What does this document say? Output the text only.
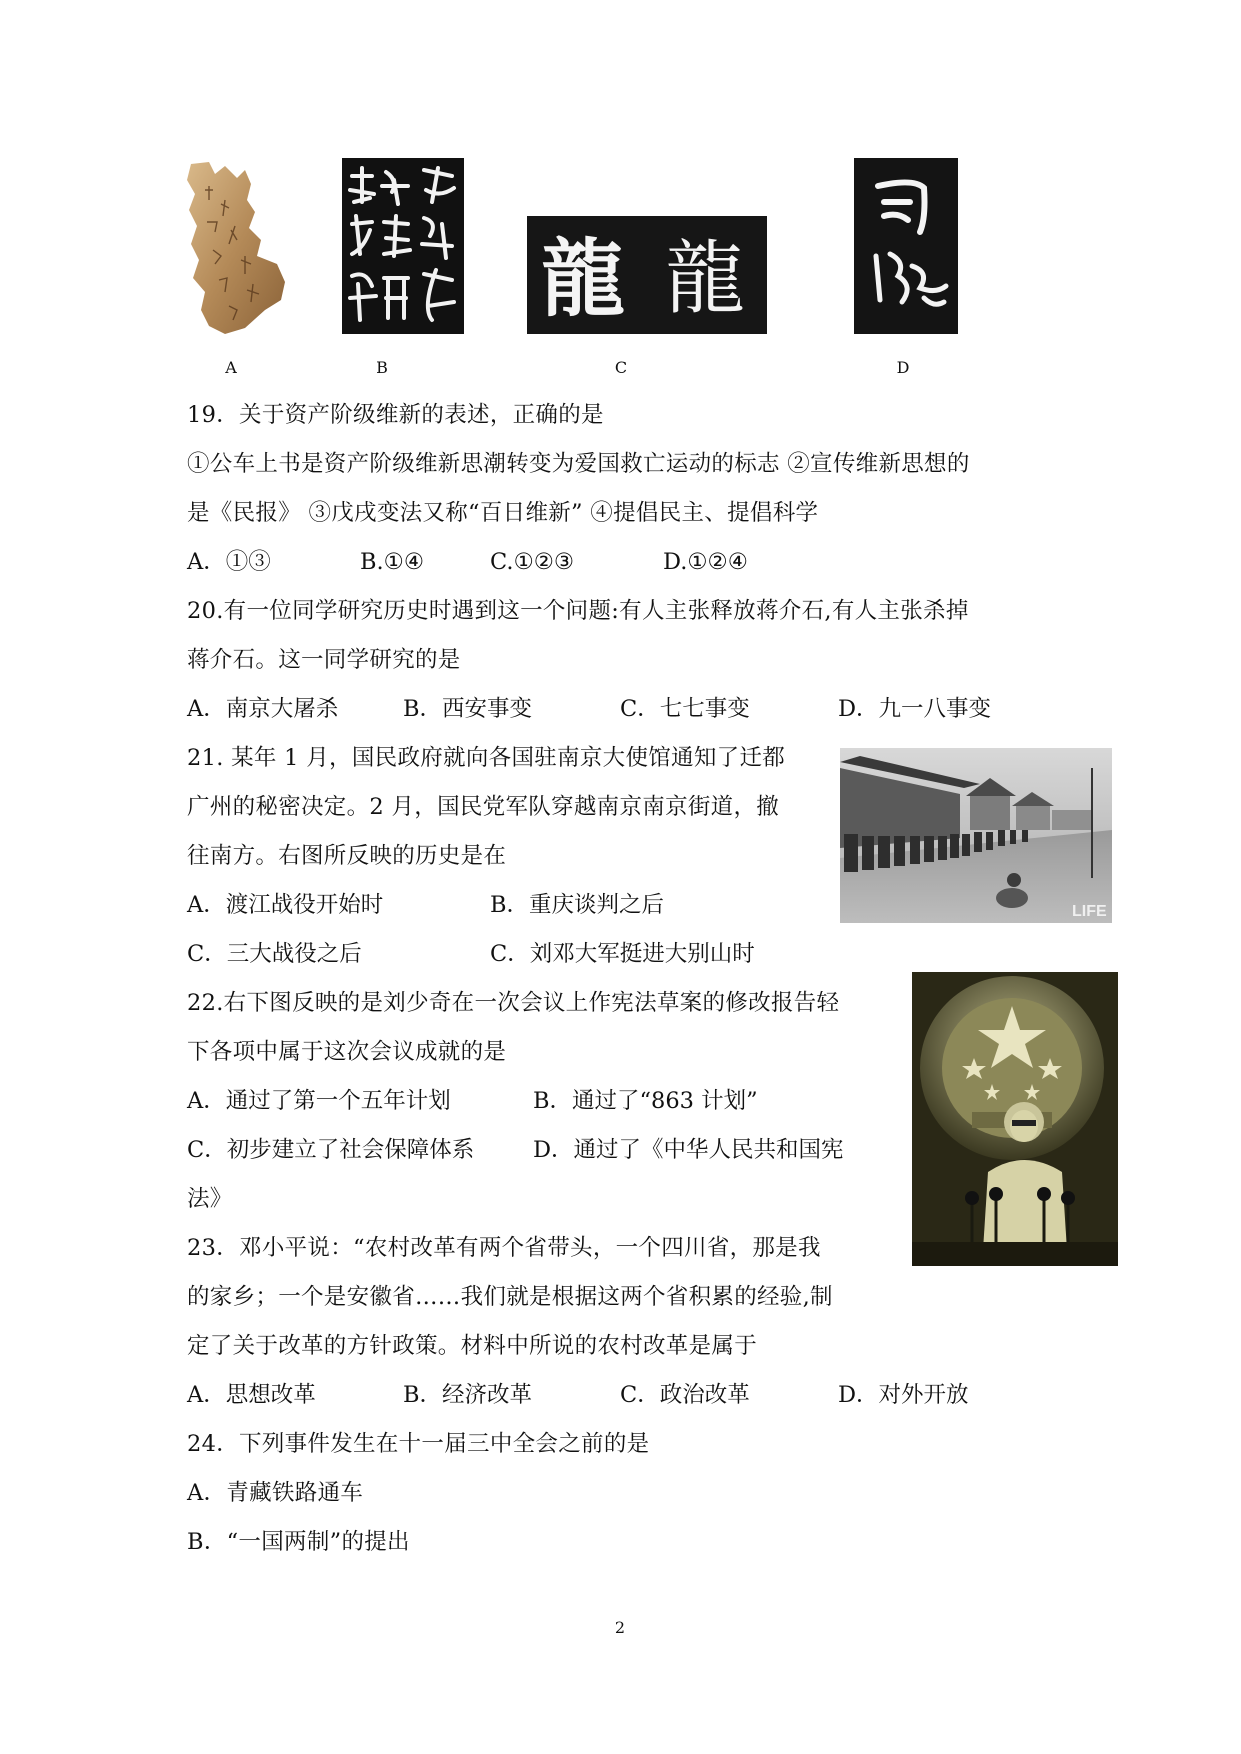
龍 龍
A	B	C	D
19．关于资产阶级维新的表述，正确的是
①公车上书是资产阶级维新思潮转变为爱国救亡运动的标志 ②宣传维新思想的
是《民报》 ③戊戌变法又称“百日维新” ④提倡民主、提倡科学
A．①③	B.①④	C.①②③	D.①②④
20.有一位同学研究历史时遇到这一个问题:有人主张释放蒋介石,有人主张杀掉
蒋介石。这一同学研究的是
A．南京大屠杀	B．西安事变	C．七七事变	D．九一八事变
21. 某年 1 月，国民政府就向各国驻南京大使馆通知了迁都
广州的秘密决定。2 月，国民党军队穿越南京南京街道，撤
往南方。右图所反映的历史是在
A．渡江战役开始时	B．重庆谈判之后
C．三大战役之后	C．刘邓大军挺进大别山时
LIFE
22.右下图反映的是刘少奇在一次会议上作宪法草案的修改报告轻
下各项中属于这次会议成就的是
A．通过了第一个五年计划	B．通过了“863 计划”
C．初步建立了社会保障体系	D．通过了《中华人民共和国宪
法》
23．邓小平说：“农村改革有两个省带头，一个四川省，那是我
的家乡；一个是安徽省……我们就是根据这两个省积累的经验,制
定了关于改革的方针政策。材料中所说的农村改革是属于
A．思想改革	B．经济改革	C．政治改革	D．对外开放
24．下列事件发生在十一届三中全会之前的是
A．青藏铁路通车
B．“一国两制”的提出
2
